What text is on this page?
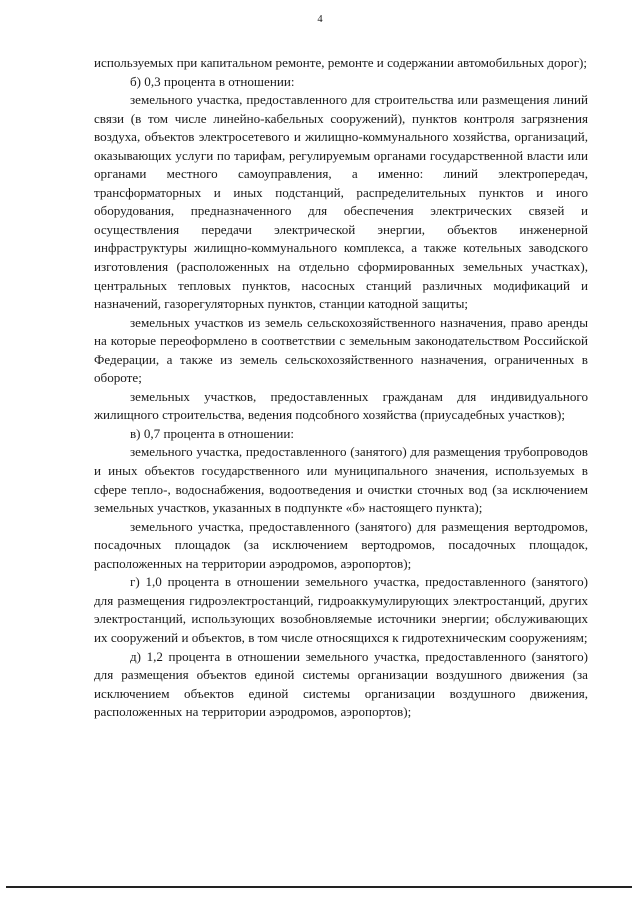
4

используемых при капитальном ремонте, ремонте и содержании автомобильных дорог);

б) 0,3 процента в отношении:

земельного участка, предоставленного для строительства или размещения линий связи (в том числе линейно-кабельных сооружений), пунктов контроля загрязнения воздуха, объектов электросетевого и жилищно-коммунального хозяйства, организаций, оказывающих услуги по тарифам, регулируемым органами государственной власти или органами местного самоуправления, а именно: линий электропередач, трансформаторных и иных подстанций, распределительных пунктов и иного оборудования, предназначенного для обеспечения электрических связей и осуществления передачи электрической энергии, объектов инженерной инфраструктуры жилищно-коммунального комплекса, а также котельных заводского изготовления (расположенных на отдельно сформированных земельных участках), центральных тепловых пунктов, насосных станций различных модификаций и назначений, газорегуляторных пунктов, станции катодной защиты;

земельных участков из земель сельскохозяйственного назначения, право аренды на которые переоформлено в соответствии с земельным законодательством Российской Федерации, а также из земель сельскохозяйственного назначения, ограниченных в обороте;

земельных участков, предоставленных гражданам для индивидуального жилищного строительства, ведения подсобного хозяйства (приусадебных участков);

в) 0,7 процента в отношении:

земельного участка, предоставленного (занятого) для размещения трубопроводов и иных объектов государственного или муниципального значения, используемых в сфере тепло-, водоснабжения, водоотведения и очистки сточных вод (за исключением земельных участков, указанных в подпункте «б» настоящего пункта);

земельного участка, предоставленного (занятого) для размещения вертодромов, посадочных площадок (за исключением вертодромов, посадочных площадок, расположенных на территории аэродромов, аэропортов);

г) 1,0 процента в отношении земельного участка, предоставленного (занятого) для размещения гидроэлектростанций, гидроаккумулирующих электростанций, других электростанций, использующих возобновляемые источники энергии; обслуживающих их сооружений и объектов, в том числе относящихся к гидротехническим сооружениям;

д) 1,2 процента в отношении земельного участка, предоставленного (занятого) для размещения объектов единой системы организации воздушного движения (за исключением объектов единой системы организации воздушного движения, расположенных на территории аэродромов, аэропортов);
